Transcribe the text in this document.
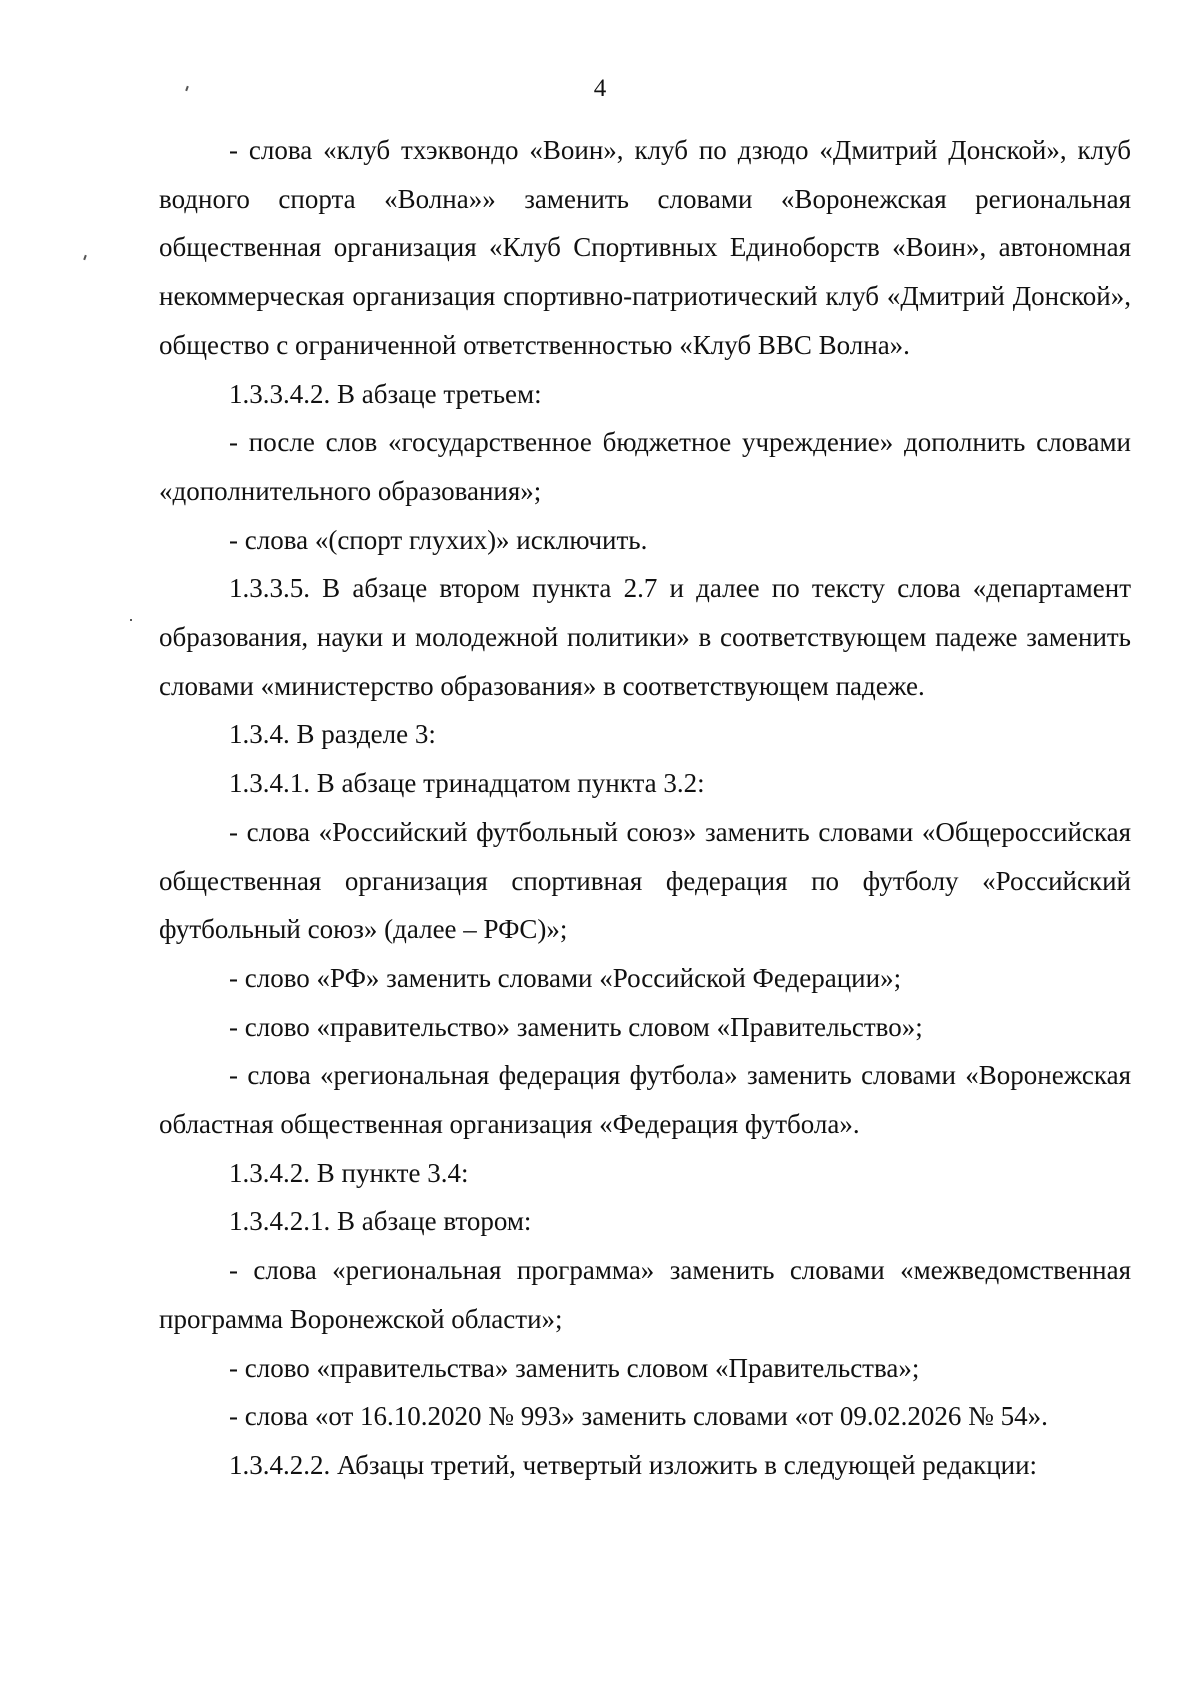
4

- слова «клуб тхэквондо «Воин», клуб по дзюдо «Дмитрий Донской», клуб водного спорта «Волна»» заменить словами «Воронежская региональная общественная организация «Клуб Спортивных Единоборств «Воин», автономная некоммерческая организация спортивно-патриотический клуб «Дмитрий Донской», общество с ограниченной ответственностью «Клуб ВВС Волна».

1.3.3.4.2. В абзаце третьем:

- после слов «государственное бюджетное учреждение» дополнить словами «дополнительного образования»;

- слова «(спорт глухих)» исключить.

1.3.3.5. В абзаце втором пункта 2.7 и далее по тексту слова «департамент образования, науки и молодежной политики» в соответствующем падеже заменить словами «министерство образования» в соответствующем падеже.

1.3.4. В разделе 3:

1.3.4.1. В абзаце тринадцатом пункта 3.2:

- слова «Российский футбольный союз» заменить словами «Общероссийская общественная организация спортивная федерация по футболу «Российский футбольный союз» (далее – РФС)»;

- слово «РФ» заменить словами «Российской Федерации»;

- слово «правительство» заменить словом «Правительство»;

- слова «региональная федерация футбола» заменить словами «Воронежская областная общественная организация «Федерация футбола».

1.3.4.2. В пункте 3.4:

1.3.4.2.1. В абзаце втором:

- слова «региональная программа» заменить словами «межведомственная программа Воронежской области»;

- слово «правительства» заменить словом «Правительства»;

- слова «от 16.10.2020 № 993» заменить словами «от 09.02.2026 № 54».

1.3.4.2.2. Абзацы третий, четвертый изложить в следующей редакции:
